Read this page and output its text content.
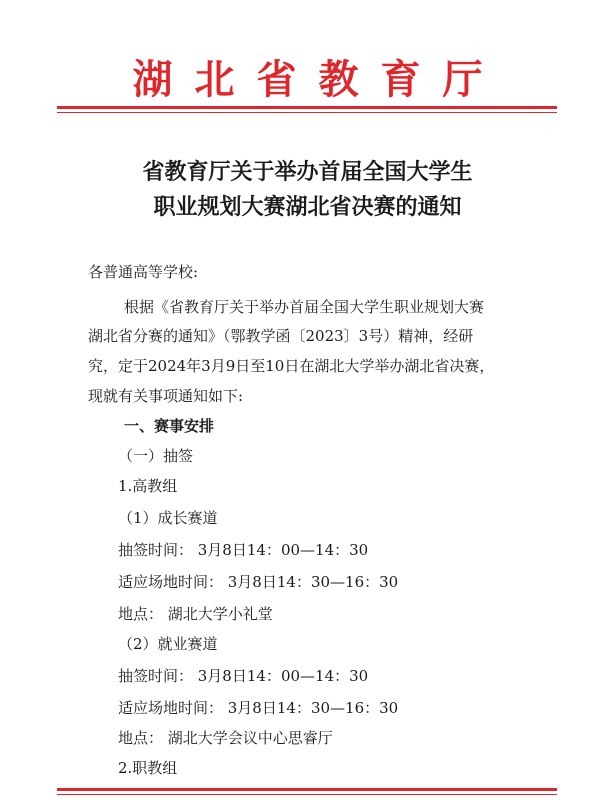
湖北省教育厅
省教育厅关于举办首届全国大学生
职业规划大赛湖北省决赛的通知
各普通高等学校:
根据《省教育厅关于举办首届全国大学生职业规划大赛
湖北省分赛的通知》（鄂教学函〔2023〕3号）精神，经研
究，定于2024年3月9日至10日在湖北大学举办湖北省决赛，
现就有关事项通知如下:
一、赛事安排
（一）抽签
1.高教组
（1）成长赛道
抽签时间： 3月8日14：00—14：30
适应场地时间： 3月8日14：30—16：30
地点： 湖北大学小礼堂
（2）就业赛道
抽签时间： 3月8日14：00—14：30
适应场地时间： 3月8日14：30—16：30
地点： 湖北大学会议中心思睿厅
2.职教组
